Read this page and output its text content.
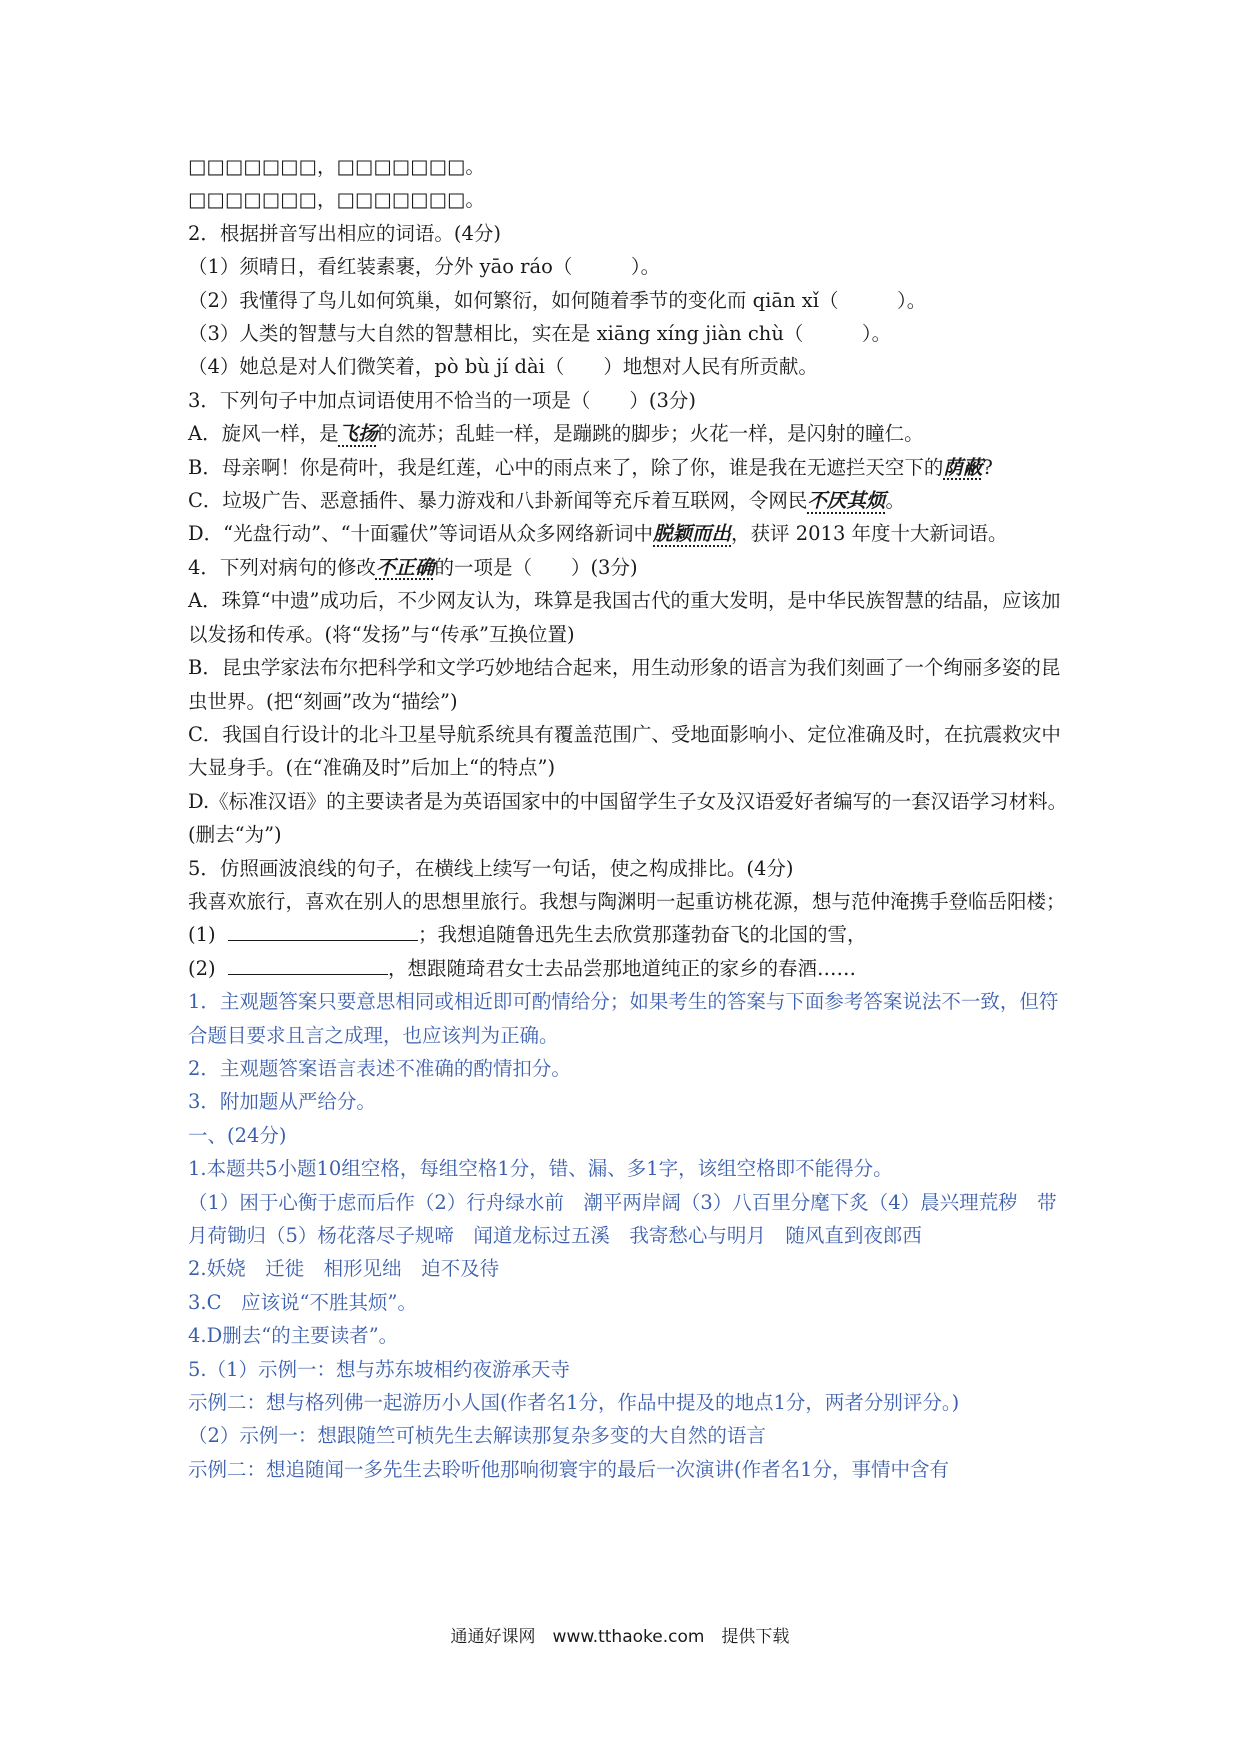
□□□□□□□，□□□□□□□。
□□□□□□□，□□□□□□□。
2．根据拼音写出相应的词语。(4分)
（1）须晴日，看红装素裹，分外 yāo ráo（　　　）。
（2）我懂得了鸟儿如何筑巢，如何繁衍，如何随着季节的变化而 qiān xǐ（　　　）。
（3）人类的智慧与大自然的智慧相比，实在是 xiāng xíng jiàn chù（　　　）。
（4）她总是对人们微笑着，pò bù jí dài（　　）地想对人民有所贡献。
3．下列句子中加点词语使用不恰当的一项是（　　）(3分)
A．旋风一样，是飞扬的流苏；乱蛙一样，是蹦跳的脚步；火花一样，是闪射的瞳仁。
B．母亲啊！你是荷叶，我是红莲，心中的雨点来了，除了你，谁是我在无遮拦天空下的荫蔽?
C．垃圾广告、恶意插件、暴力游戏和八卦新闻等充斥着互联网，令网民不厌其烦。
D．“光盘行动”、“十面霾伏”等词语从众多网络新词中脱颖而出，获评 2013 年度十大新词语。
4．下列对病句的修改不正确的一项是（　　）(3分)
A．珠算“中遗”成功后，不少网友认为，珠算是我国古代的重大发明，是中华民族智慧的结晶，应该加以发扬和传承。(将“发扬”与“传承”互换位置)
B．昆虫学家法布尔把科学和文学巧妙地结合起来，用生动形象的语言为我们刻画了一个绚丽多姿的昆虫世界。(把“刻画”改为“描绘”)
C．我国自行设计的北斗卫星导航系统具有覆盖范围广、受地面影响小、定位准确及时，在抗震救灾中大显身手。(在“准确及时”后加上“的特点”)
D.《标准汉语》的主要读者是为英语国家中的中国留学生子女及汉语爱好者编写的一套汉语学习材料。(删去“为”)
5．仿照画波浪线的句子，在横线上续写一句话，使之构成排比。(4分)
我喜欢旅行，喜欢在别人的思想里旅行。我想与陶渊明一起重访桃花源，想与范仲淹携手登临岳阳楼；(1)	；我想追随鲁迅先生去欣赏那蓬勃奋飞的北国的雪，
(2)	，想跟随琦君女士去品尝那地道纯正的家乡的春酒……
1．主观题答案只要意思相同或相近即可酌情给分；如果考生的答案与下面参考答案说法不一致，但符合题目要求且言之成理，也应该判为正确。
2．主观题答案语言表述不准确的酌情扣分。
3．附加题从严给分。
一、(24分)
1.本题共5小题10组空格，每组空格1分，错、漏、多1字，该组空格即不能得分。
（1）困于心衡于虑而后作（2）行舟绿水前　潮平两岸阔（3）八百里分麾下炙（4）晨兴理荒秽　带月荷锄归（5）杨花落尽子规啼　闻道龙标过五溪　我寄愁心与明月　随风直到夜郎西
2.妖娆　迁徙　相形见绌　迫不及待
3.C　应该说“不胜其烦”。
4.D删去“的主要读者”。
5.（1）示例一：想与苏东坡相约夜游承天寺
示例二：想与格列佛一起游历小人国(作者名1分，作品中提及的地点1分，两者分别评分。)
（2）示例一：想跟随竺可桢先生去解读那复杂多变的大自然的语言
示例二：想追随闻一多先生去聆听他那响彻寰宇的最后一次演讲(作者名1分，事情中含有
通通好课网　www.tthaoke.com　提供下载
